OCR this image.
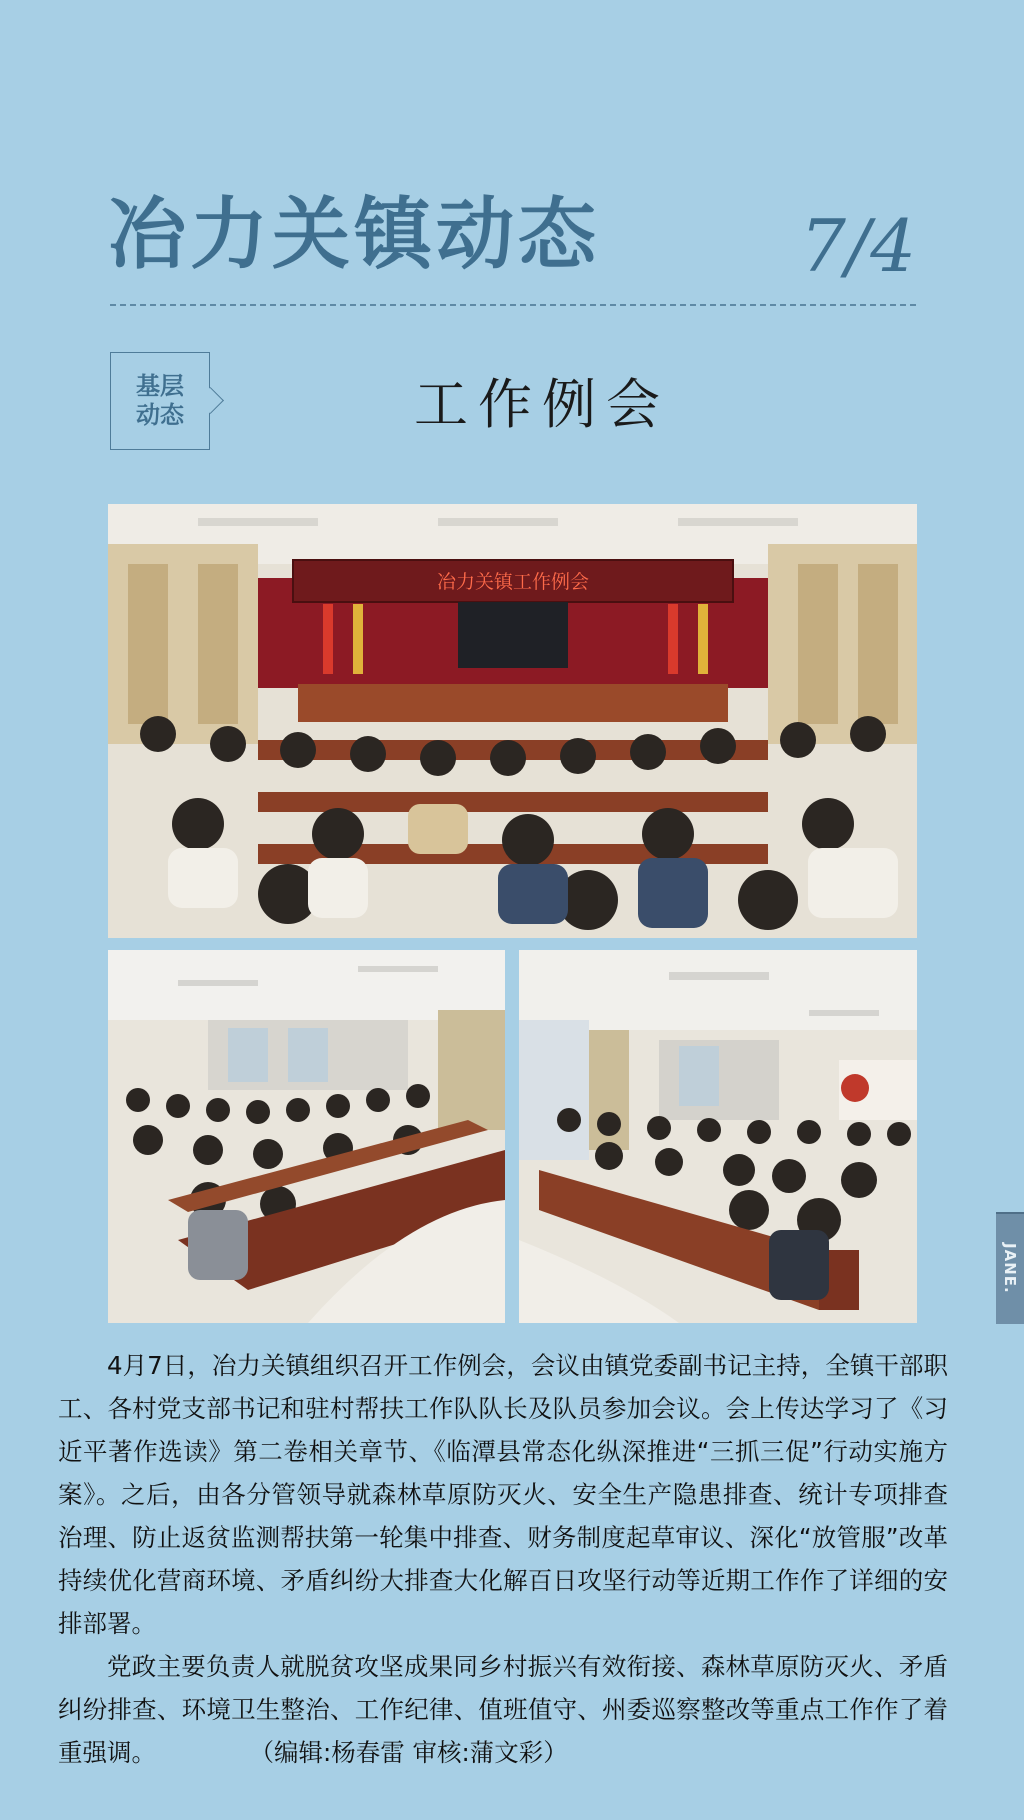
冶力关镇动态	7/4
基层
动态	工作例会
冶力关镇工作例会

4月7日，冶力关镇组织召开工作例会，会议由镇党委副书记主持，全镇干部职工、各村党支部书记和驻村帮扶工作队队长及队员参加会议。会上传达学习了《习近平著作选读》第二卷相关章节、《临潭县常态化纵深推进“三抓三促”行动实施方案》。之后，由各分管领导就森林草原防灭火、安全生产隐患排查、统计专项排查治理、防止返贫监测帮扶第一轮集中排查、财务制度起草审议、深化“放管服”改革持续优化营商环境、矛盾纠纷大排查大化解百日攻坚行动等近期工作作了详细的安排部署。

党政主要负责人就脱贫攻坚成果同乡村振兴有效衔接、森林草原防灭火、矛盾纠纷排查、环境卫生整治、工作纪律、值班值守、州委巡察整改等重点工作作了着重强调。	（编辑:杨春雷 审核:蒲文彩）

JANE.
